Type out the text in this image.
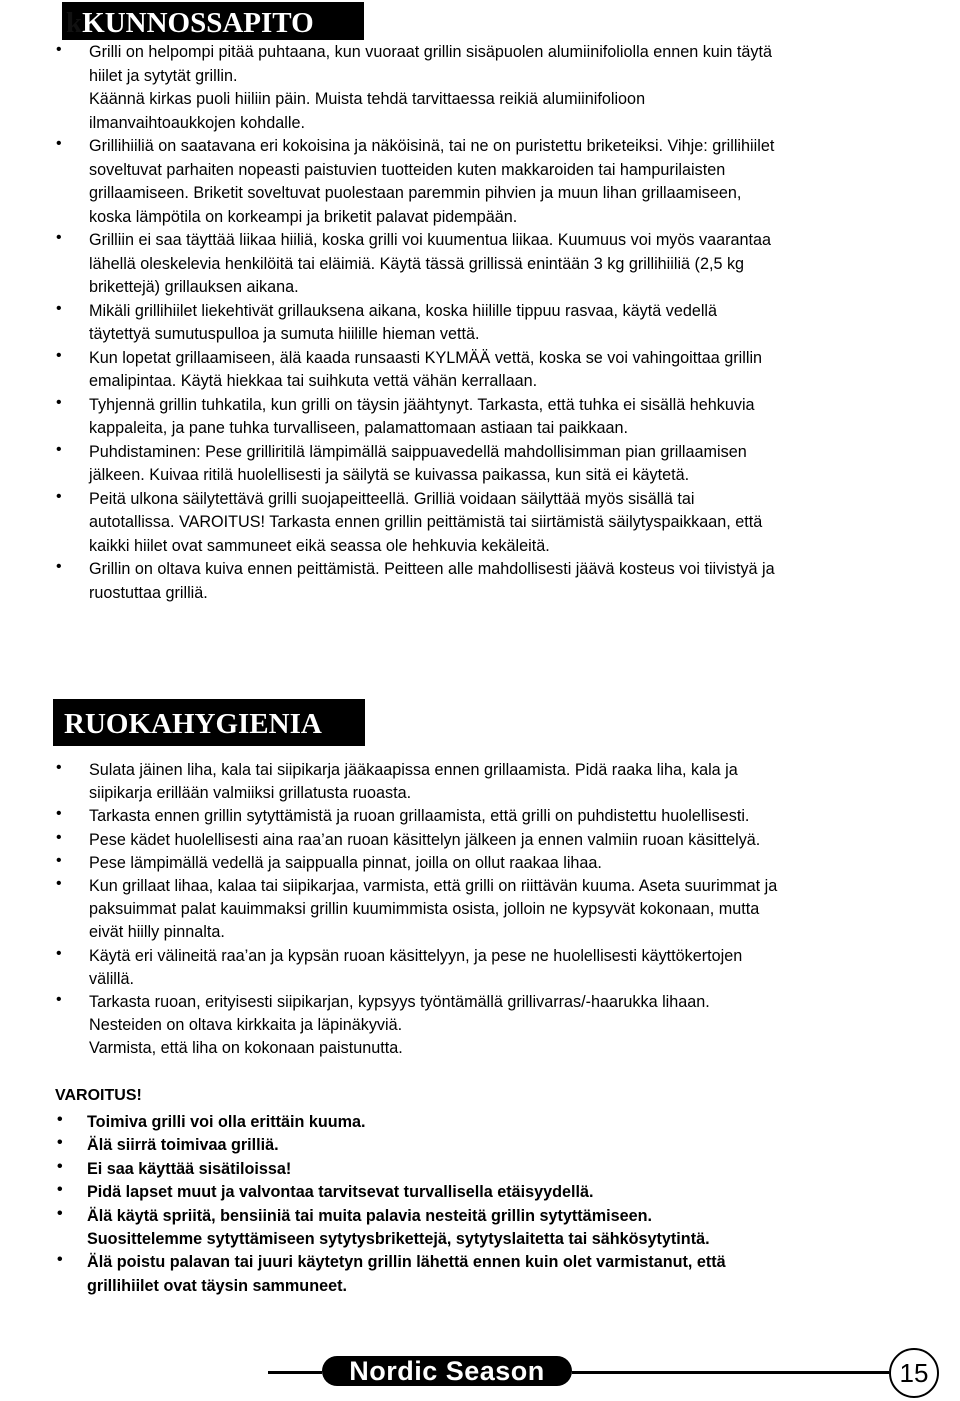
kKUNNOSSAPITO
•	Grilli on helpompi pitää puhtaana, kun vuoraat grillin sisäpuolen alumiinifoliolla ennen kuin täytä
hiilet ja sytytät grillin.
Käännä kirkas puoli hiiliin päin. Muista tehdä tarvittaessa reikiä alumiinifolioon
ilmanvaihtoaukkojen kohdalle.
•	Grillihiiliä on saatavana eri kokoisina ja näköisinä, tai ne on puristettu briketeiksi. Vihje: grillihiilet
soveltuvat parhaiten nopeasti paistuvien tuotteiden kuten makkaroiden tai hampurilaisten
grillaamiseen. Briketit soveltuvat puolestaan paremmin pihvien ja muun lihan grillaamiseen,
koska lämpötila on korkeampi ja briketit palavat pidempään.
•	Grilliin ei saa täyttää liikaa hiiliä, koska grilli voi kuumentua liikaa. Kuumuus voi myös vaarantaa
lähellä oleskelevia henkilöitä tai eläimiä. Käytä tässä grillissä enintään 3 kg grillihiiliä (2,5 kg
brikettejä) grillauksen aikana.
•	Mikäli grillihiilet liekehtivät grillauksena aikana, koska hiilille tippuu rasvaa, käytä vedellä
täytettyä sumutuspulloa ja sumuta hiilille hieman vettä.
•	Kun lopetat grillaamiseen, älä kaada runsaasti KYLMÄÄ vettä, koska se voi vahingoittaa grillin
emalipintaa. Käytä hiekkaa tai suihkuta vettä vähän kerrallaan.
•	Tyhjennä grillin tuhkatila, kun grilli on täysin jäähtynyt. Tarkasta, että tuhka ei sisällä hehkuvia
kappaleita, ja pane tuhka turvalliseen, palamattomaan astiaan tai paikkaan.
•	Puhdistaminen: Pese grilliritilä lämpimällä saippuavedellä mahdollisimman pian grillaamisen
jälkeen. Kuivaa ritilä huolellisesti ja säilytä se kuivassa paikassa, kun sitä ei käytetä.
•	Peitä ulkona säilytettävä grilli suojapeitteellä. Grilliä voidaan säilyttää myös sisällä tai
autotallissa. VAROITUS! Tarkasta ennen grillin peittämistä tai siirtämistä säilytyspaikkaan, että
kaikki hiilet ovat sammuneet eikä seassa ole hehkuvia kekäleitä.
•	Grillin on oltava kuiva ennen peittämistä. Peitteen alle mahdollisesti jäävä kosteus voi tiivistyä ja
ruostuttaa grilliä.
RUOKAHYGIENIA
•	Sulata jäinen liha, kala tai siipikarja jääkaapissa ennen grillaamista. Pidä raaka liha, kala ja
siipikarja erillään valmiiksi grillatusta ruoasta.
•	Tarkasta ennen grillin sytyttämistä ja ruoan grillaamista, että grilli on puhdistettu huolellisesti.
•	Pese kädet huolellisesti aina raa’an ruoan käsittelyn jälkeen ja ennen valmiin ruoan käsittelyä.
•	Pese lämpimällä vedellä ja saippualla pinnat, joilla on ollut raakaa lihaa.
•	Kun grillaat lihaa, kalaa tai siipikarjaa, varmista, että grilli on riittävän kuuma. Aseta suurimmat ja
paksuimmat palat kauimmaksi grillin kuumimmista osista, jolloin ne kypsyvät kokonaan, mutta
eivät hiilly pinnalta.
•	Käytä eri välineitä raa’an ja kypsän ruoan käsittelyyn, ja pese ne huolellisesti käyttökertojen
välillä.
•	Tarkasta ruoan, erityisesti siipikarjan, kypsyys työntämällä grillivarras/-haarukka lihaan.
Nesteiden on oltava kirkkaita ja läpinäkyviä.
Varmista, että liha on kokonaan paistunutta.
VAROITUS!
•	Toimiva grilli voi olla erittäin kuuma.
•	Älä siirrä toimivaa grilliä.
•	Ei saa käyttää sisätiloissa!
•	Pidä lapset muut ja valvontaa tarvitsevat turvallisella etäisyydellä.
•	Älä käytä spriitä, bensiiniä tai muita palavia nesteitä grillin sytyttämiseen.
Suosittelemme sytyttämiseen sytytysbrikettejä, sytytyslaitetta tai sähkösytytintä.
•	Älä poistu palavan tai juuri käytetyn grillin lähettä ennen kuin olet varmistanut, että
grillihiilet ovat täysin sammuneet.
Nordic Season	15
